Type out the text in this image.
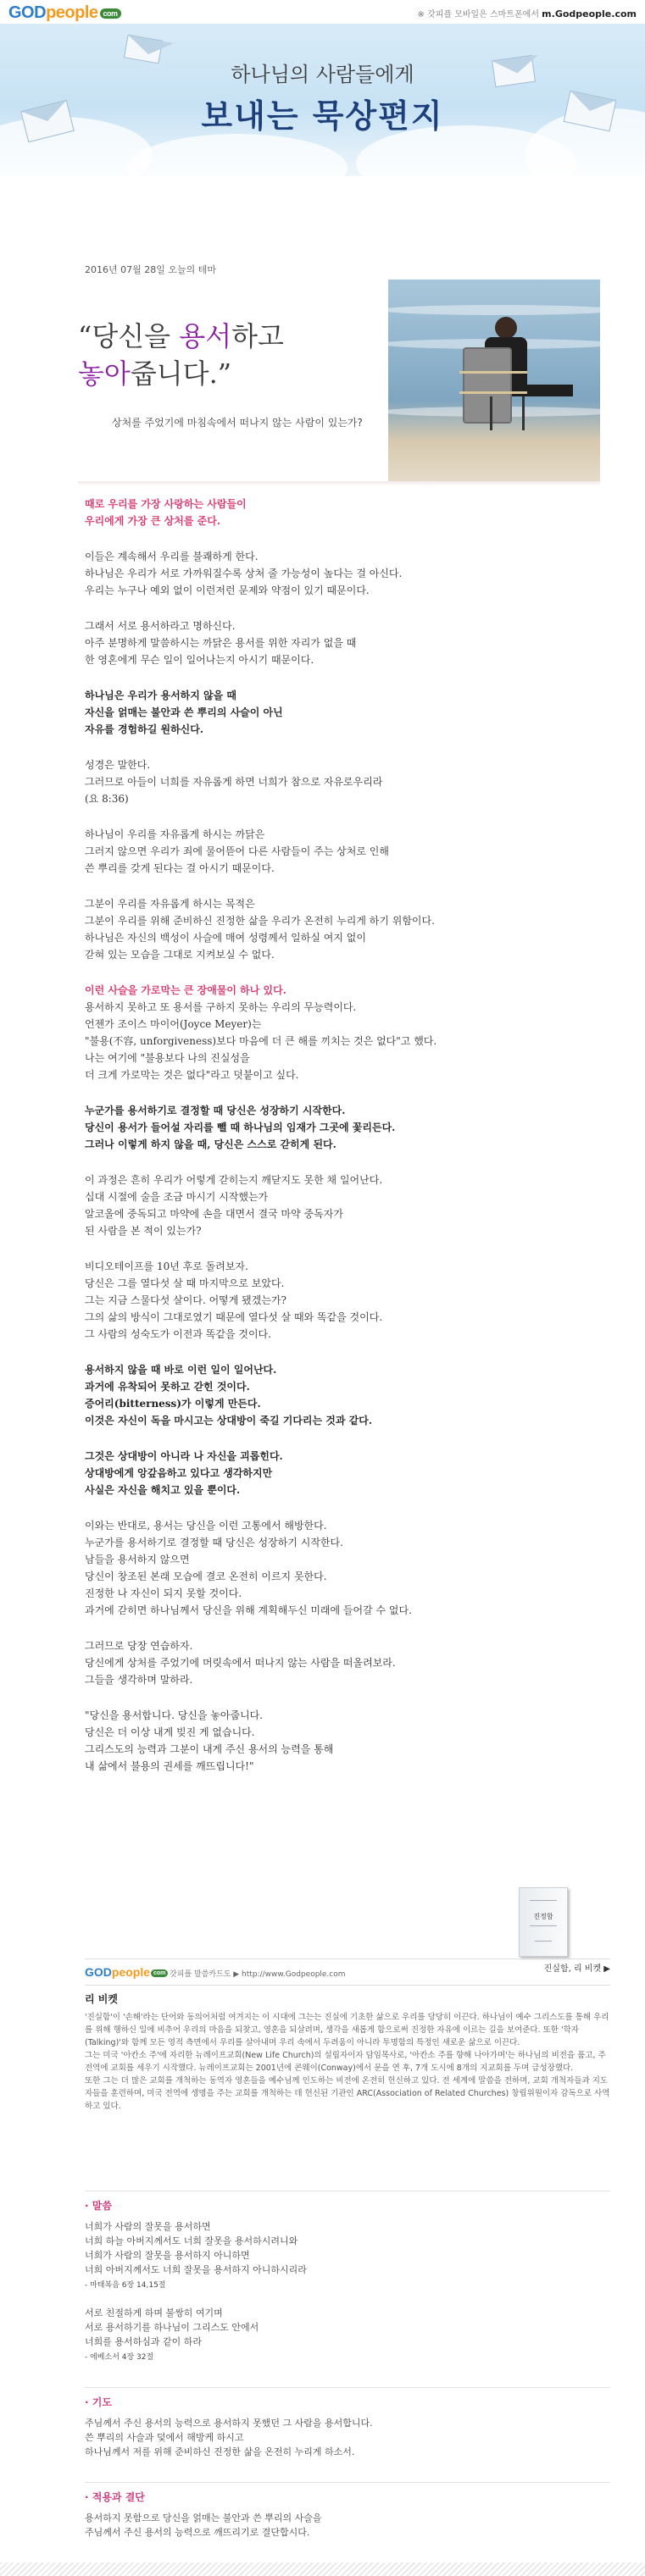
GODpeople com	※ 갓피플 모바일은 스마트폰에서 m.Godpeople.com
하나님의 사람들에게
보내는 묵상편지
2016년 07월 28일 오늘의 테마
“당신을 용서하고
놓아줍니다.”
상처를 주었기에 마침속에서 떠나지 않는 사람이 있는가?
때로 우리를 가장 사랑하는 사람들이
우리에게 가장 큰 상처를 준다.
이들은 계속해서 우리를 불쾌하게 한다.
하나님은 우리가 서로 가까워질수록 상처 줄 가능성이 높다는 걸 아신다.
우리는 누구나 예외 없이 이런저런 문제와 약점이 있기 때문이다.
그래서 서로 용서하라고 명하신다.
아주 분명하게 말씀하시는 까닭은 용서를 위한 자리가 없을 때
한 영혼에게 무슨 일이 일어나는지 아시기 때문이다.
하나님은 우리가 용서하지 않을 때
자신을 얽매는 불안과 쓴 뿌리의 사슬이 아닌
자유를 경험하길 원하신다.
성경은 말한다.
그러므로 아들이 너희를 자유롭게 하면 너희가 참으로 자유로우리라
(요 8:36)
하나님이 우리를 자유롭게 하시는 까닭은
그러지 않으면 우리가 죄에 물어뜯어 다른 사람들이 주는 상처로 인해
쓴 뿌리를 갖게 된다는 걸 아시기 때문이다.
그분이 우리를 자유롭게 하시는 목적은
그분이 우리를 위해 준비하신 진정한 삶을 우리가 온전히 누리게 하기 위함이다.
하나님은 자신의 백성이 사슬에 매여 성령께서 일하실 여지 없이
갇혀 있는 모습을 그대로 지켜보실 수 없다.
이런 사슬을 가로막는 큰 장애물이 하나 있다.
용서하지 못하고 또 용서를 구하지 못하는 우리의 무능력이다.
언젠가 조이스 마이어(Joyce Meyer)는
"불용(不容, unforgiveness)보다 마음에 더 큰 해를 끼치는 것은 없다"고 했다.
나는 여기에 "불용보다 나의 진실성을
더 크게 가로막는 것은 없다"라고 덧붙이고 싶다.
누군가를 용서하기로 결정할 때 당신은 성장하기 시작한다.
당신이 용서가 들어설 자리를 뺄 때 하나님의 임재가 그곳에 꽃리든다.
그러나 이렇게 하지 않을 때, 당신은 스스로 갇히게 된다.
이 과정은 흔히 우리가 어렇게 갇히는지 깨닫지도 못한 채 일어난다.
십대 시절에 술을 조금 마시기 시작했는가
알코올에 중독되고 마약에 손을 대면서 결국 마약 중독자가
된 사람을 본 적이 있는가?
비디오테이프를 10년 후로 돌려보자.
당신은 그를 열다섯 살 때 마지막으로 보았다.
그는 지금 스물다섯 살이다. 어떻게 됐겠는가?
그의 삶의 방식이 그대로였기 때문에 열다섯 살 때와 똑같을 것이다.
그 사람의 성숙도가 이전과 똑같을 것이다.
용서하지 않을 때 바로 이런 일이 일어난다.
과거에 유착되어 못하고 갇힌 것이다.
증어리(bitterness)가 이렇게 만든다.
이것은 자신이 독을 마시고는 상대방이 죽길 기다리는 것과 같다.
그것은 상대방이 아니라 나 자신을 괴롭힌다.
상대방에게 앙갚음하고 있다고 생각하지만
사실은 자신을 해치고 있을 뿐이다.
이와는 반대로, 용서는 당신을 이런 고통에서 해방한다.
누군가를 용서하기로 결정할 때 당신은 성장하기 시작한다.
남들을 용서하지 않으면
당신이 창조된 본래 모습에 결코 온전히 이르지 못한다.
진정한 나 자신이 되지 못할 것이다.
과거에 갇히면 하나님께서 당신을 위해 계획해두신 미래에 들어갈 수 없다.
그러므로 당장 연습하자.
당신에게 상처를 주었기에 머릿속에서 떠나지 않는 사람을 떠올려보라.
그들을 생각하며 말하라.
"당신을 용서합니다. 당신을 놓아줍니다.
당신은 더 이상 내게 빚진 게 없습니다.
그리스도의 능력과 그분이 내게 주신 용서의 능력을 통해
내 삶에서 불용의 권세를 깨뜨립니다!"
진정함
GODpeople com 갓피플 말씀카드도 ▶ http://www.Godpeople.com
진실함, 리 비켓 ▶
리 비켓
'진실함'이 '손해'라는 단어와 동의어처럼 여겨지는 이 시대에 그는는 진실에 기초한 삶으로 우리를 당당히 이끈다. 하나님이 예수 그리스도를 통해 우리를 위해 행하신 일에 비추어 우리의 마음을 되찾고, 영혼을 되살려며, 생각을 새롭게 함으로써 진정한 자유에 이르는 길을 보여준다. 또한 '학자(Talking)'와 함께 모든 영적 측면에서 우리를 살아내며 우리 속에서 두려움이 아니라 투명함의 특정인 새로운 삶으로 이끈다.
그는 미국 '아칸소 주'에 자리한 뉴레이프교회(New Life Church)의 설립자이자 담임목사로, '아칸소 주를 향해 나아가며'는 하나님의 비전을 품고, 주 전역에 교회를 세우기 시작했다. 뉴레이프교회는 2001년에 콘웨이(Conway)에서 문을 연 후, 7개 도시에 8개의 지교회를 두며 급성장했다.
또한 그는 더 많은 교회를 개척하는 동역자 영혼들을 예수님께 인도하는 비전에 온전히 헌신하고 있다. 전 세계에 말씀을 전하며, 교회 개척자들과 지도자들을 훈련하며, 미국 전역에 생명을 주는 교회를 개척하는 데 헌신된 기관인 ARC(Association of Related Churches) 창립위원이자 감독으로 사역하고 있다.
· 말씀
너희가 사람의 잘못을 용서하면
너희 하늘 아버지께서도 너희 잘못을 용서하시려니와
너희가 사람의 잘못을 용서하지 아니하면
너희 아버지께서도 너희 잘못을 용서하지 아니하시리라
- 마태복음 6장 14,15절
서로 친절하게 하며 불쌍히 여기며
서로 용서하기를 하나님이 그리스도 안에서
너희를 용서하심과 같이 하라
- 에베소서 4장 32절
· 기도
주님께서 주신 용서의 능력으로 용서하지 못했던 그 사람을 용서합니다.
쓴 뿌리의 사슬과 덫에서 해방케 하시고
하나님께서 저를 위해 준비하신 진정한 삶을 온전히 누리게 하소서.
· 적용과 결단
용서하지 못함으로 당신을 얽매는 불안과 쓴 뿌리의 사슬을
주님께서 주신 용서의 능력으로 깨뜨리기로 결단합시다.
